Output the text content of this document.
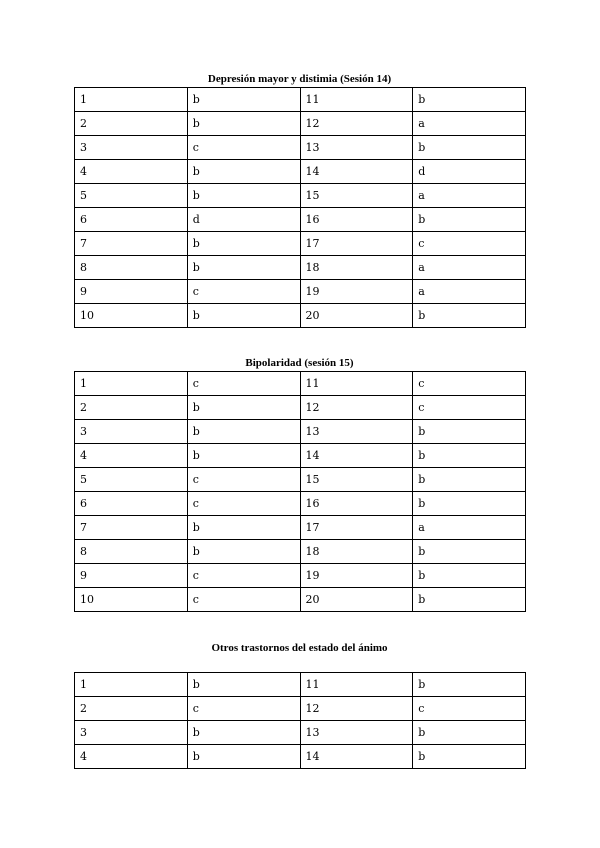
Depresión mayor y distimia (Sesión 14)
1	b	11	b
2	b	12	a
3	c	13	b
4	b	14	d
5	b	15	a
6	d	16	b
7	b	17	c
8	b	18	a
9	c	19	a
10	b	20	b
Bipolaridad (sesión 15)
1	c	11	c
2	b	12	c
3	b	13	b
4	b	14	b
5	c	15	b
6	c	16	b
7	b	17	a
8	b	18	b
9	c	19	b
10	c	20	b
Otros trastornos del estado del ánimo
1	b	11	b
2	c	12	c
3	b	13	b
4	b	14	b
